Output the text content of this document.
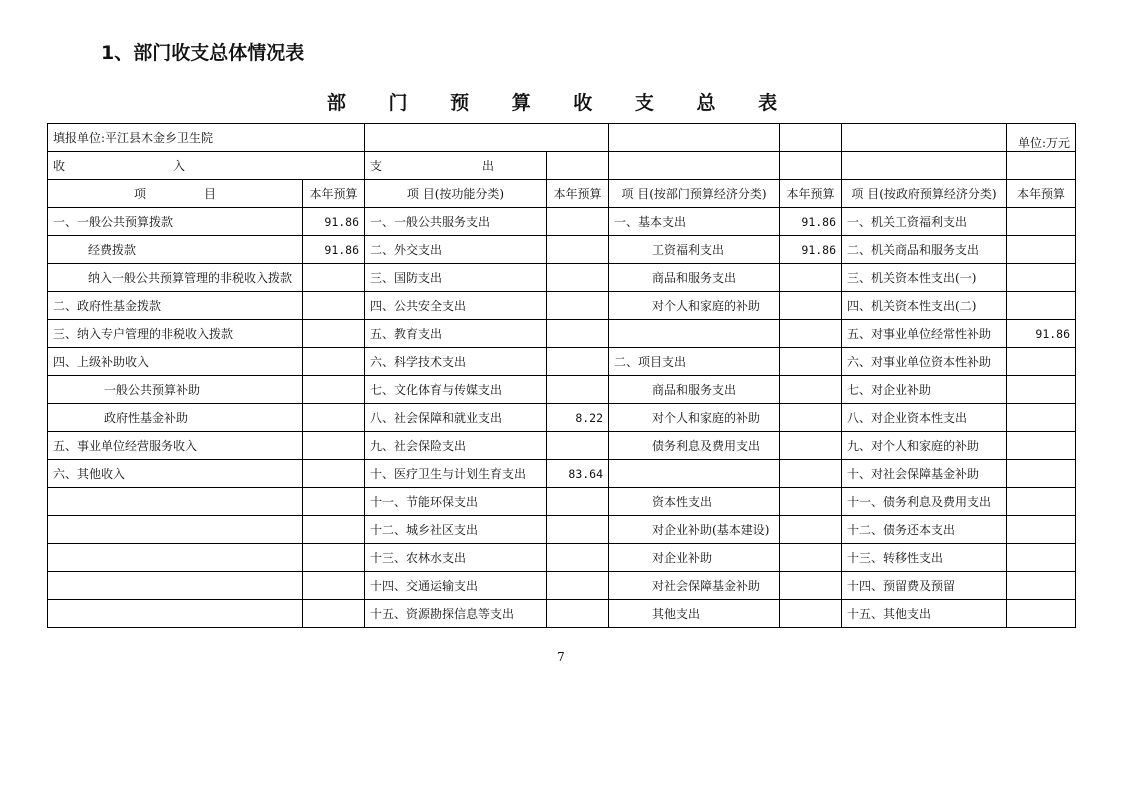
1、部门收支总体情况表
部 门 预 算 收 支 总 表
填报单位:平江县木金乡卫生院							单位:万元
收 入		支 出					
项 目	本年预算	项 目(按功能分类)	本年预算	项 目(按部门预算经济分类)	本年预算	项 目(按政府预算经济分类)	本年预算
一、一般公共预算拨款	91.86	一、一般公共服务支出		一、基本支出	91.86	一、机关工资福利支出	
经费拨款	91.86	二、外交支出		工资福利支出	91.86	二、机关商品和服务支出	
纳入一般公共预算管理的非税收入拨款		三、国防支出		商品和服务支出		三、机关资本性支出(一)	
二、政府性基金拨款		四、公共安全支出		对个人和家庭的补助		四、机关资本性支出(二)	
三、纳入专户管理的非税收入拨款		五、教育支出				五、对事业单位经常性补助	91.86
四、上级补助收入		六、科学技术支出		二、项目支出		六、对事业单位资本性补助	
一般公共预算补助		七、文化体育与传媒支出		商品和服务支出		七、对企业补助	
政府性基金补助		八、社会保障和就业支出	8.22	对个人和家庭的补助		八、对企业资本性支出	
五、事业单位经营服务收入		九、社会保险支出		债务利息及费用支出		九、对个人和家庭的补助	
六、其他收入		十、医疗卫生与计划生育支出	83.64			十、对社会保障基金补助	
		十一、节能环保支出		资本性支出		十一、债务利息及费用支出	
		十二、城乡社区支出		对企业补助(基本建设)		十二、债务还本支出	
		十三、农林水支出		对企业补助		十三、转移性支出	
		十四、交通运输支出		对社会保障基金补助		十四、预留费及预留	
		十五、资源勘探信息等支出		其他支出		十五、其他支出	
7
